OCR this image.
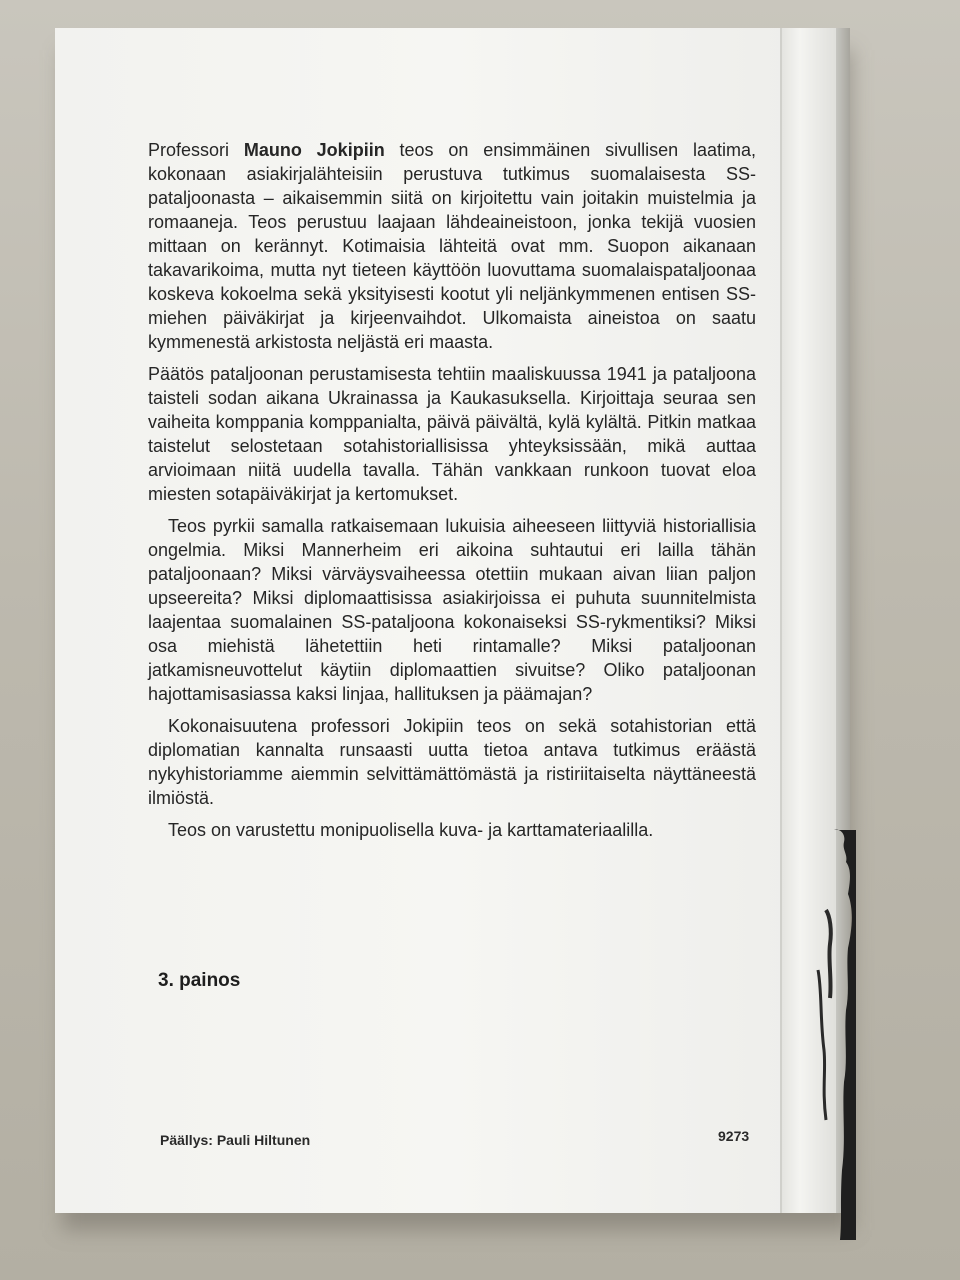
Professori Mauno Jokipiin teos on ensimmäinen sivullisen laatima, kokonaan asiakirjalähteisiin perustuva tutkimus suomalaisesta SS-pataljoonasta – aikaisemmin siitä on kirjoitettu vain joitakin muistelmia ja romaaneja. Teos perustuu laajaan lähdeaineistoon, jonka tekijä vuosien mittaan on kerännyt. Kotimaisia lähteitä ovat mm. Suopon aikanaan takavarikoima, mutta nyt tieteen käyttöön luovuttama suomalaispataljoonaa koskeva kokoelma sekä yksityisesti kootut yli neljänkymmenen entisen SS-miehen päiväkirjat ja kirjeenvaihdot. Ulkomaista aineistoa on saatu kymmenestä arkistosta neljästä eri maasta.

Päätös pataljoonan perustamisesta tehtiin maaliskuussa 1941 ja pataljoona taisteli sodan aikana Ukrainassa ja Kaukasuksella. Kirjoittaja seuraa sen vaiheita komppania komppanialta, päivä päivältä, kylä kylältä. Pitkin matkaa taistelut selostetaan sotahistoriallisissa yhteyksissään, mikä auttaa arvioimaan niitä uudella tavalla. Tähän vankkaan runkoon tuovat eloa miesten sotapäiväkirjat ja kertomukset.

Teos pyrkii samalla ratkaisemaan lukuisia aiheeseen liittyviä historiallisia ongelmia. Miksi Mannerheim eri aikoina suhtautui eri lailla tähän pataljoonaan? Miksi värväysvaiheessa otettiin mukaan aivan liian paljon upseereita? Miksi diplomaattisissa asiakirjoissa ei puhuta suunnitelmista laajentaa suomalainen SS-pataljoona kokonaiseksi SS-rykmentiksi? Miksi osa miehistä lähetettiin heti rintamalle? Miksi pataljoonan jatkamisneuvottelut käytiin diplomaattien sivuitse? Oliko pataljoonan hajottamisasiassa kaksi linjaa, hallituksen ja päämajan?

Kokonaisuutena professori Jokipiin teos on sekä sotahistorian että diplomatian kannalta runsaasti uutta tietoa antava tutkimus eräästä nykyhistoriamme aiemmin selvittämättömästä ja ristiriitaiselta näyttäneestä ilmiöstä.

Teos on varustettu monipuolisella kuva- ja karttamateriaalilla.

3. painos
Päällys: Pauli Hiltunen	9273
